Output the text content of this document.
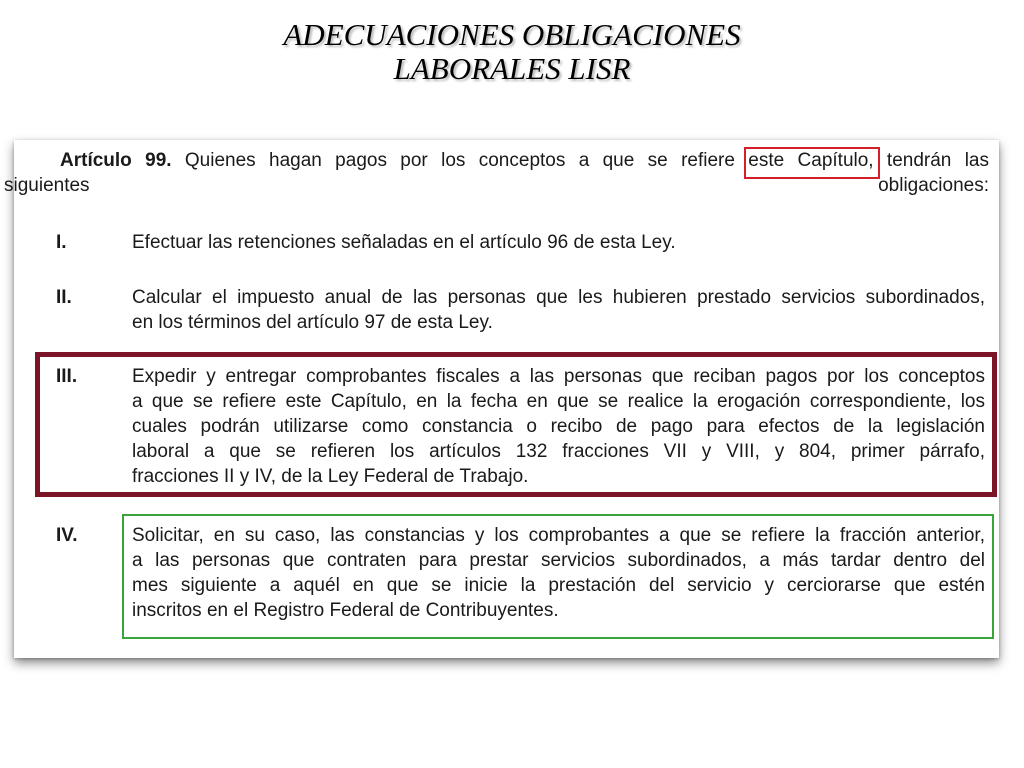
ADECUACIONES OBLIGACIONES
LABORALES LISR
Artículo 99. Quienes hagan pagos por los conceptos a que se refiere este Capítulo, tendrán las
siguientes obligaciones:
I.	Efectuar las retenciones señaladas en el artículo 96 de esta Ley.
II.	Calcular el impuesto anual de las personas que les hubieren prestado servicios subordinados,
en los términos del artículo 97 de esta Ley.
III.	Expedir y entregar comprobantes fiscales a las personas que reciban pagos por los conceptos
a que se refiere este Capítulo, en la fecha en que se realice la erogación correspondiente, los
cuales podrán utilizarse como constancia o recibo de pago para efectos de la legislación
laboral a que se refieren los artículos 132 fracciones VII y VIII, y 804, primer párrafo,
fracciones II y IV, de la Ley Federal de Trabajo.
IV.	Solicitar, en su caso, las constancias y los comprobantes a que se refiere la fracción anterior,
a las personas que contraten para prestar servicios subordinados, a más tardar dentro del
mes siguiente a aquél en que se inicie la prestación del servicio y cerciorarse que estén
inscritos en el Registro Federal de Contribuyentes.
